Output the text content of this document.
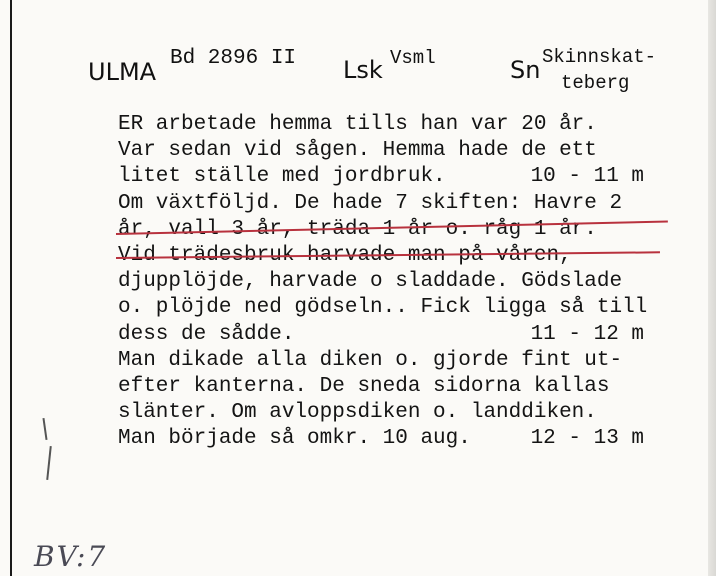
ULMA Bd 2896 II Lsk Vsml	Sn Skinnskat-
teberg
ER arbetade hemma tills han var 20 år.
Var sedan vid sågen. Hemma hade de ett
litet ställe med jordbruk.	10 - 11 m
Om växtföljd. De hade 7 skiften: Havre 2
år, vall 3 år, träda 1 år o. råg 1 år.
Vid trädesbruk harvade man på våren,
djupplöjde, harvade o sladdade. Gödslade
o. plöjde ned gödseln.. Fick ligga så till
dess de sådde.	11 - 12 m
Man dikade alla diken o. gjorde fint ut-
efter kanterna. De sneda sidorna kallas
slänter. Om avloppsdiken o. landdiken.
Man började så omkr. 10 aug.	12 - 13 m
BV:7
